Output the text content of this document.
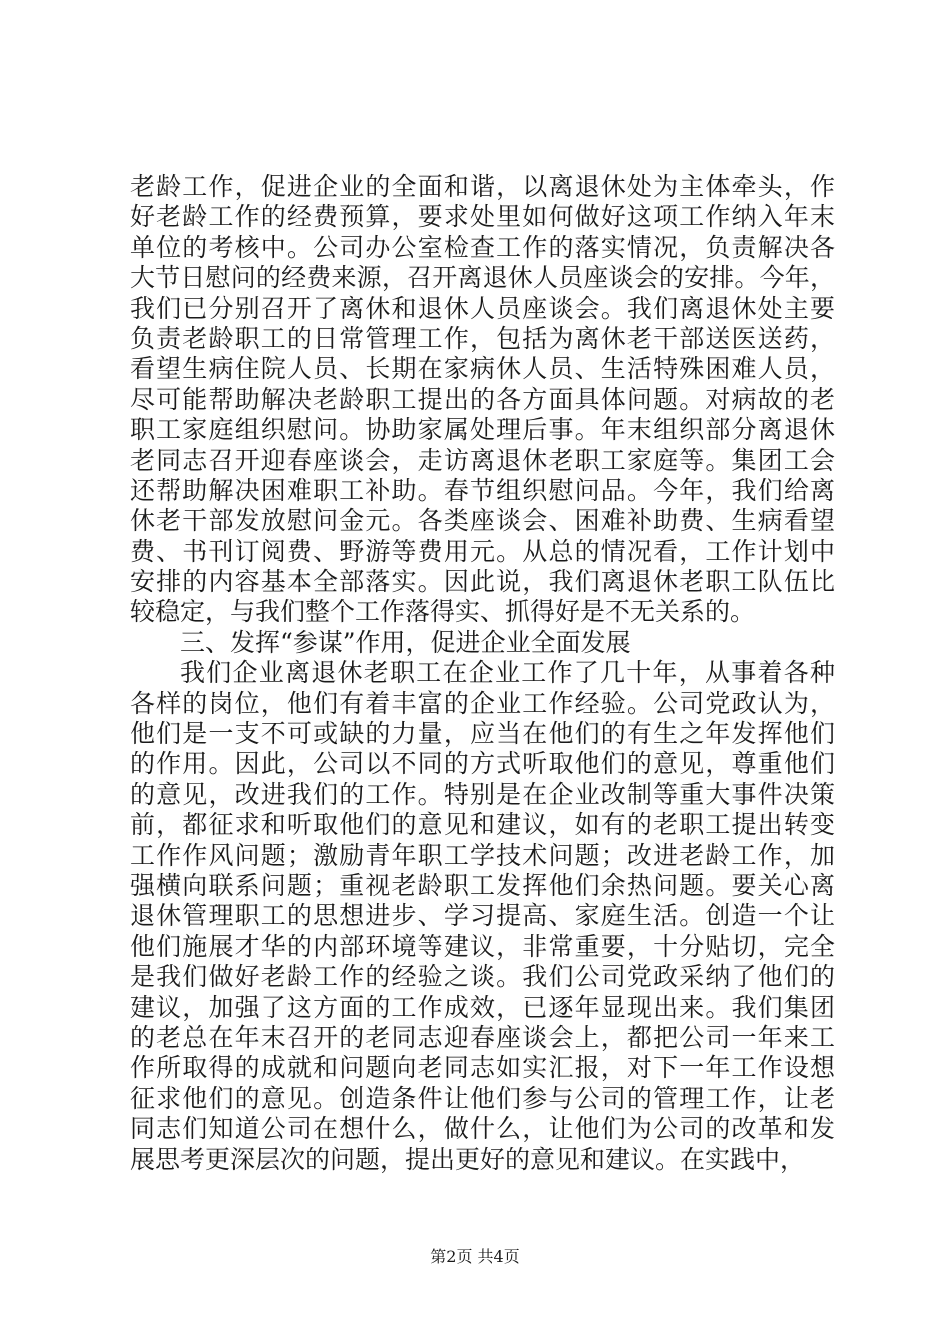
老龄工作，促进企业的全面和谐，以离退休处为主体牵头，作
好老龄工作的经费预算，要求处里如何做好这项工作纳入年末
单位的考核中。公司办公室检查工作的落实情况，负责解决各
大节日慰问的经费来源，召开离退休人员座谈会的安排。今年，
我们已分别召开了离休和退休人员座谈会。我们离退休处主要
负责老龄职工的日常管理工作，包括为离休老干部送医送药，
看望生病住院人员、长期在家病休人员、生活特殊困难人员，
尽可能帮助解决老龄职工提出的各方面具体问题。对病故的老
职工家庭组织慰问。协助家属处理后事。年末组织部分离退休
老同志召开迎春座谈会，走访离退休老职工家庭等。集团工会
还帮助解决困难职工补助。春节组织慰问品。今年，我们给离
休老干部发放慰问金元。各类座谈会、困难补助费、生病看望
费、书刊订阅费、野游等费用元。从总的情况看，工作计划中
安排的内容基本全部落实。因此说，我们离退休老职工队伍比
较稳定，与我们整个工作落得实、抓得好是不无关系的。
三、发挥“参谋”作用，促进企业全面发展
我们企业离退休老职工在企业工作了几十年，从事着各种
各样的岗位，他们有着丰富的企业工作经验。公司党政认为，
他们是一支不可或缺的力量，应当在他们的有生之年发挥他们
的作用。因此，公司以不同的方式听取他们的意见，尊重他们
的意见，改进我们的工作。特别是在企业改制等重大事件决策
前，都征求和听取他们的意见和建议，如有的老职工提出转变
工作作风问题；激励青年职工学技术问题；改进老龄工作，加
强横向联系问题；重视老龄职工发挥他们余热问题。要关心离
退休管理职工的思想进步、学习提高、家庭生活。创造一个让
他们施展才华的内部环境等建议，非常重要，十分贴切，完全
是我们做好老龄工作的经验之谈。我们公司党政采纳了他们的
建议，加强了这方面的工作成效，已逐年显现出来。我们集团
的老总在年末召开的老同志迎春座谈会上，都把公司一年来工
作所取得的成就和问题向老同志如实汇报，对下一年工作设想
征求他们的意见。创造条件让他们参与公司的管理工作，让老
同志们知道公司在想什么，做什么，让他们为公司的改革和发
展思考更深层次的问题，提出更好的意见和建议。在实践中，
第2页 共4页
